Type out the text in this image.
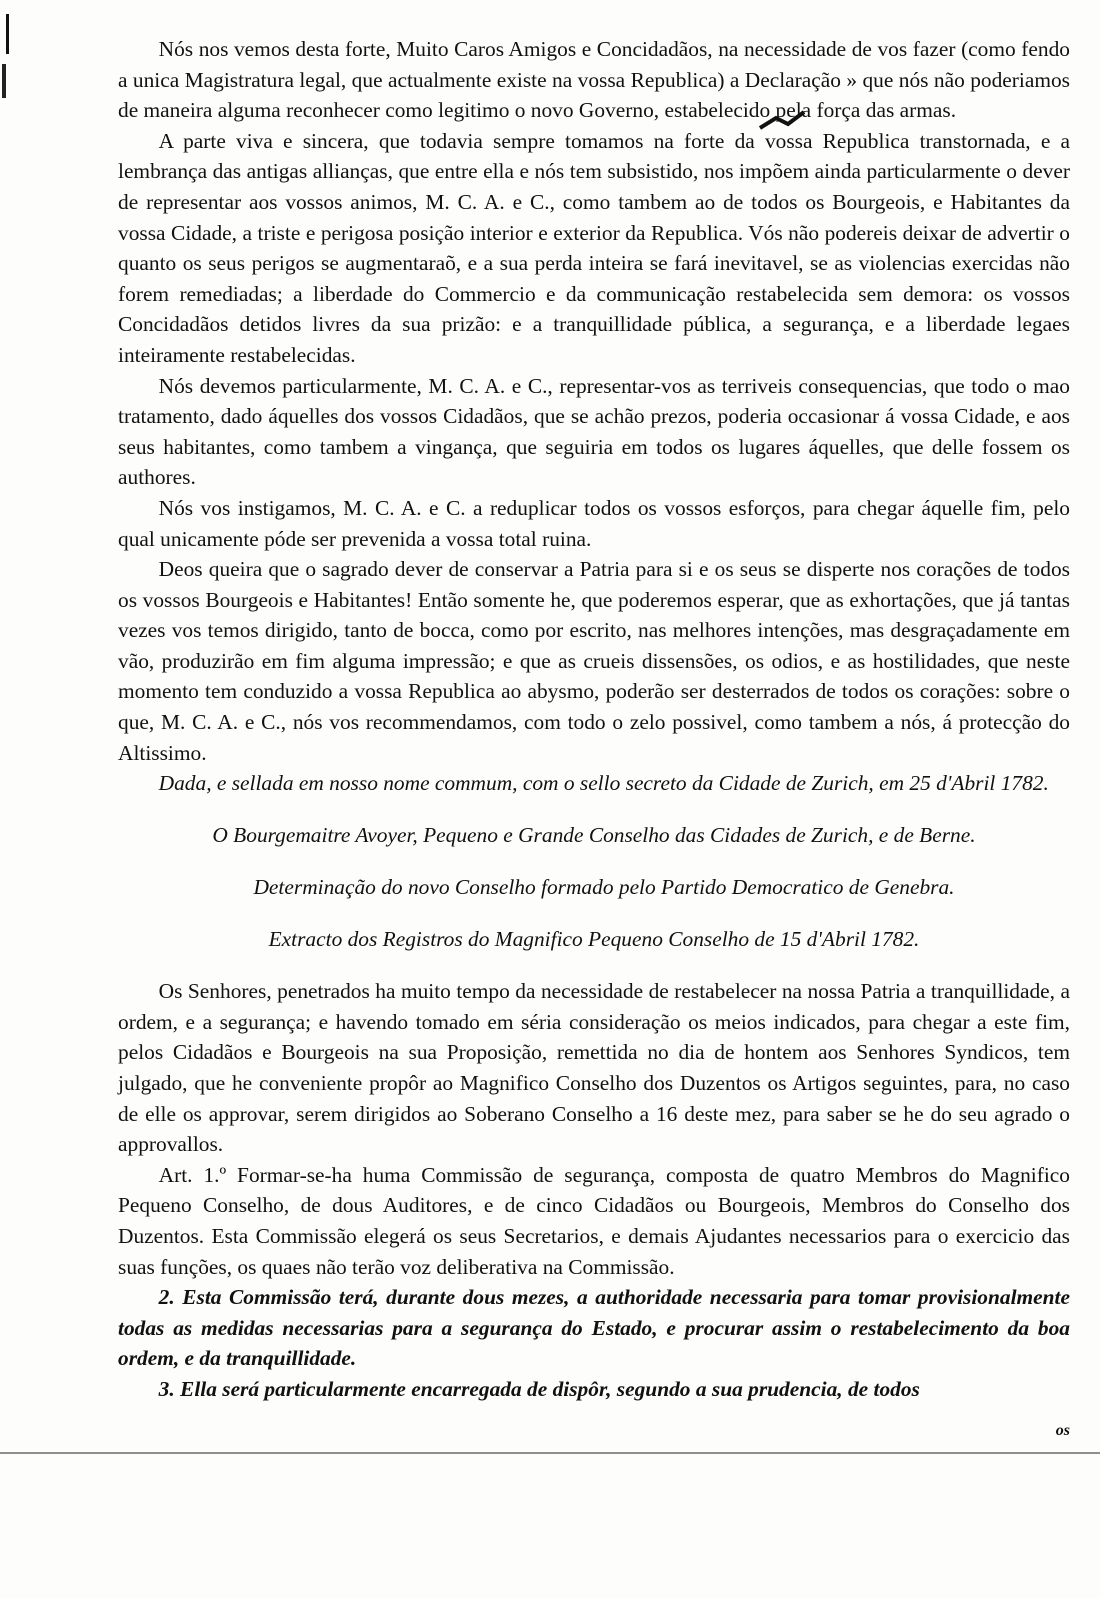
Nós nos vemos desta forte, Muito Caros Amigos e Concidadãos, na necessidade de vos fazer (como fendo a unica Magistratura legal, que actualmente existe na vossa Republica) a Declaração » que nós não poderiamos de maneira alguma reconhecer como legitimo o novo Governo, estabelecido pela força das armas.

A parte viva e sincera, que todavia sempre tomamos na forte da vossa Republica transtornada, e a lembrança das antigas allianças, que entre ella e nós tem subsistido, nos impõem ainda particularmente o dever de representar aos vossos animos, M. C. A. e C., como tambem ao de todos os Bourgeois, e Habitantes da vossa Cidade, a triste e perigosa posição interior e exterior da Republica. Vós não podereis deixar de advertir o quanto os seus perigos se augmentaraõ, e a sua perda inteira se fará inevitavel, se as violencias exercidas não forem remediadas; a liberdade do Commercio e da communicação restabelecida sem demora: os vossos Concidadãos detidos livres da sua prizão: e a tranquillidade pública, a segurança, e a liberdade legaes inteiramente restabelecidas.

Nós devemos particularmente, M. C. A. e C., representar-vos as terriveis consequencias, que todo o mao tratamento, dado áquelles dos vossos Cidadãos, que se achão prezos, poderia occasionar á vossa Cidade, e aos seus habitantes, como tambem a vingança, que seguiria em todos os lugares áquelles, que delle fossem os authores.

Nós vos instigamos, M. C. A. e C. a reduplicar todos os vossos esforços, para chegar áquelle fim, pelo qual unicamente póde ser prevenida a vossa total ruina.

Deos queira que o sagrado dever de conservar a Patria para si e os seus se disperte nos corações de todos os vossos Bourgeois e Habitantes! Então somente he, que poderemos esperar, que as exhortações, que já tantas vezes vos temos dirigido, tanto de bocca, como por escrito, nas melhores intenções, mas desgraçadamente em vão, produzirão em fim alguma impressão; e que as crueis dissensões, os odios, e as hostilidades, que neste momento tem conduzido a vossa Republica ao abysmo, poderão ser desterrados de todos os corações: sobre o que, M. C. A. e C., nós vos recommendamos, com todo o zelo possivel, como tambem a nós, á protecção do Altissimo.

Dada, e sellada em nosso nome commum, com o sello secreto da Cidade de Zurich, em 25 d'Abril 1782.

O Bourgemaitre Avoyer, Pequeno e Grande Conselho das Cidades de Zurich, e de Berne.

Determinação do novo Conselho formado pelo Partido Democratico de Genebra.

Extracto dos Registros do Magnifico Pequeno Conselho de 15 d'Abril 1782.

Os Senhores, penetrados ha muito tempo da necessidade de restabelecer na nossa Patria a tranquillidade, a ordem, e a segurança; e havendo tomado em séria consideração os meios indicados, para chegar a este fim, pelos Cidadãos e Bourgeois na sua Proposição, remettida no dia de hontem aos Senhores Syndicos, tem julgado, que he conveniente propôr ao Magnifico Conselho dos Duzentos os Artigos seguintes, para, no caso de elle os approvar, serem dirigidos ao Soberano Conselho a 16 deste mez, para saber se he do seu agrado o approvallos.

Art. 1.º Formar-se-ha huma Commissão de segurança, composta de quatro Membros do Magnifico Pequeno Conselho, de dous Auditores, e de cinco Cidadãos ou Bourgeois, Membros do Conselho dos Duzentos. Esta Commissão elegerá os seus Secretarios, e demais Ajudantes necessarios para o exercicio das suas funções, os quaes não terão voz deliberativa na Commissão.

2. Esta Commissão terá, durante dous mezes, a authoridade necessaria para tomar provisionalmente todas as medidas necessarias para a segurança do Estado, e procurar assim o restabelecimento da boa ordem, e da tranquillidade.

3. Ella será particularmente encarregada de dispôr, segundo a sua prudencia, de todos

os
